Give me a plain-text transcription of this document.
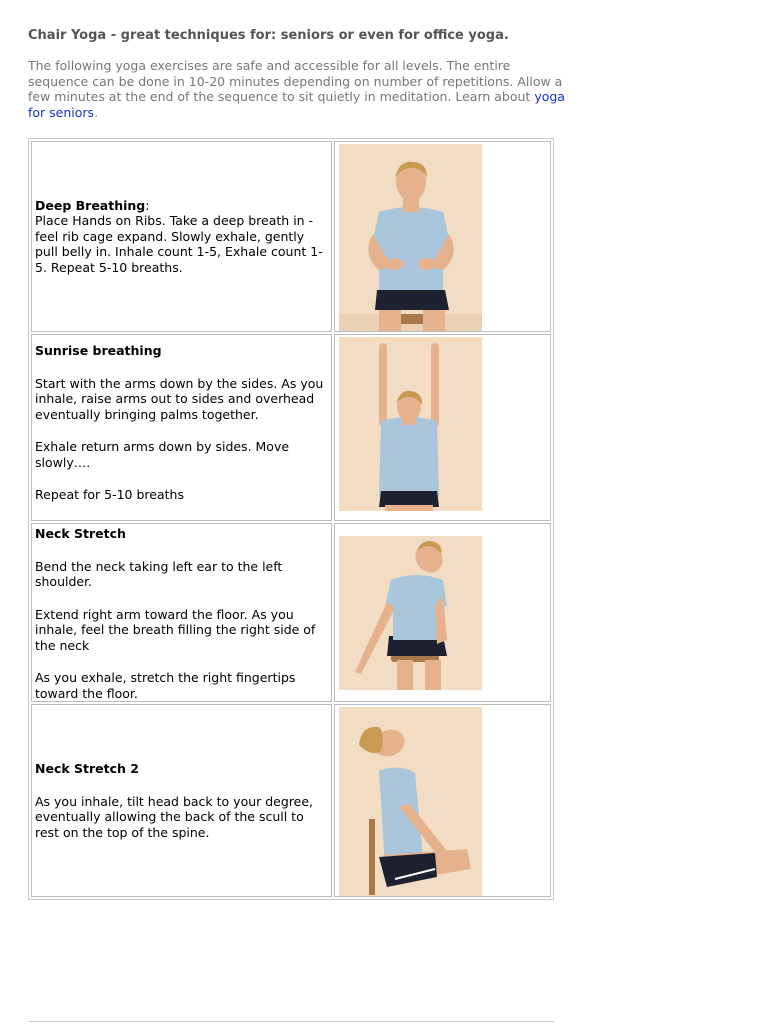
Chair Yoga - great techniques for: seniors or even for office yoga.

The following yoga exercises are safe and accessible for all levels. The entire sequence can be done in 10-20 minutes depending on number of repetitions. Allow a few minutes at the end of the sequence to sit quietly in meditation. Learn about yoga for seniors.

Deep Breathing:
Place Hands on Ribs. Take a deep breath in - feel rib cage expand. Slowly exhale, gently pull belly in. Inhale count 1-5, Exhale count 1-5. Repeat 5-10 breaths.

Sunrise breathing

Start with the arms down by the sides. As you inhale, raise arms out to sides and overhead eventually bringing palms together.

Exhale return arms down by sides. Move slowly….

Repeat for 5-10 breaths

Neck Stretch

Bend the neck taking left ear to the left shoulder.

Extend right arm toward the floor. As you inhale, feel the breath filling the right side of the neck

As you exhale, stretch the right fingertips toward the floor.

Neck Stretch 2

As you inhale, tilt head back to your degree, eventually allowing the back of the scull to rest on the top of the spine.
